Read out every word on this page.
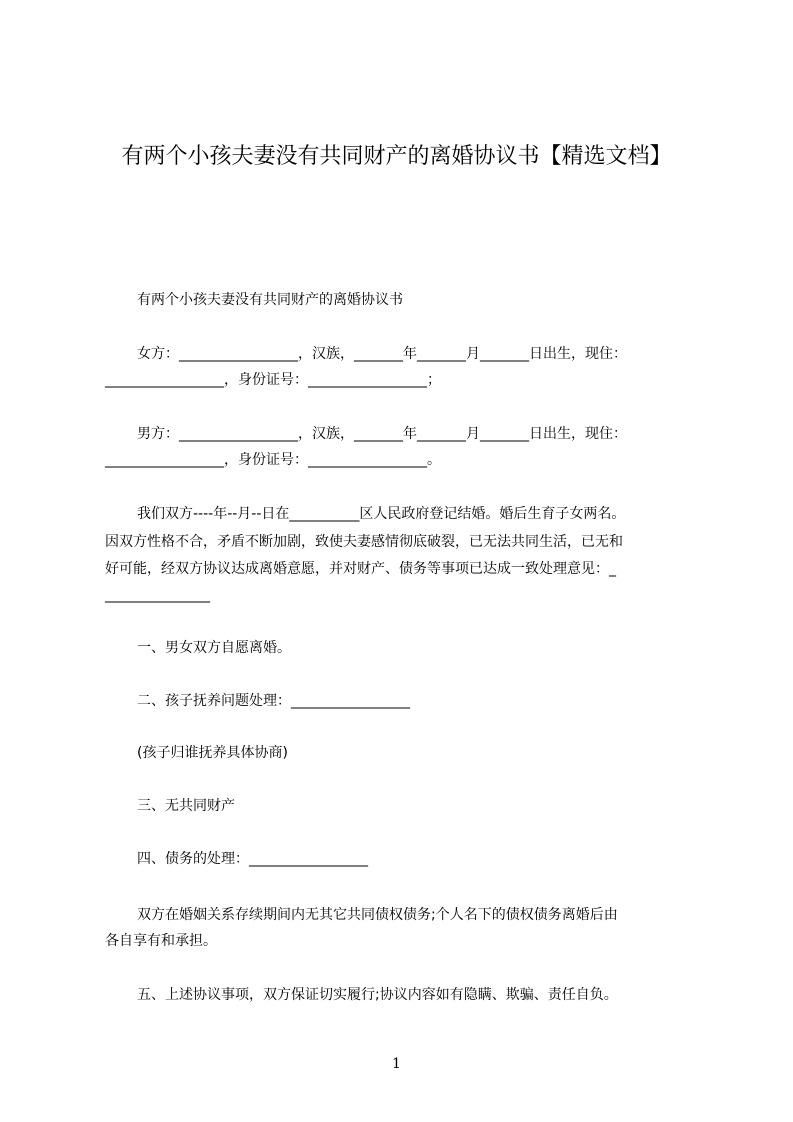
有两个小孩夫妻没有共同财产的离婚协议书【精选文档】
有两个小孩夫妻没有共同财产的离婚协议书
女方：_________________，汉族，_______年_______月_______日出生，现住：
_________________，身份证号：_________________；
男方：_________________，汉族，_______年_______月_______日出生，现住：
_________________，身份证号：_________________。
我们双方----年--月--日在__________区人民政府登记结婚。婚后生育子女两名。
因双方性格不合，矛盾不断加剧，致使夫妻感情彻底破裂，已无法共同生活，已无和
好可能，经双方协议达成离婚意愿，并对财产、债务等事项已达成一致处理意见：_
_______________
一、男女双方自愿离婚。
二、孩子抚养问题处理：_________________
(孩子归谁抚养具体协商)
三、无共同财产
四、债务的处理：_________________
双方在婚姻关系存续期间内无其它共同债权债务;个人名下的债权债务离婚后由
各自享有和承担。
五、上述协议事项，双方保证切实履行;协议内容如有隐瞒、欺骗、责任自负。
1
